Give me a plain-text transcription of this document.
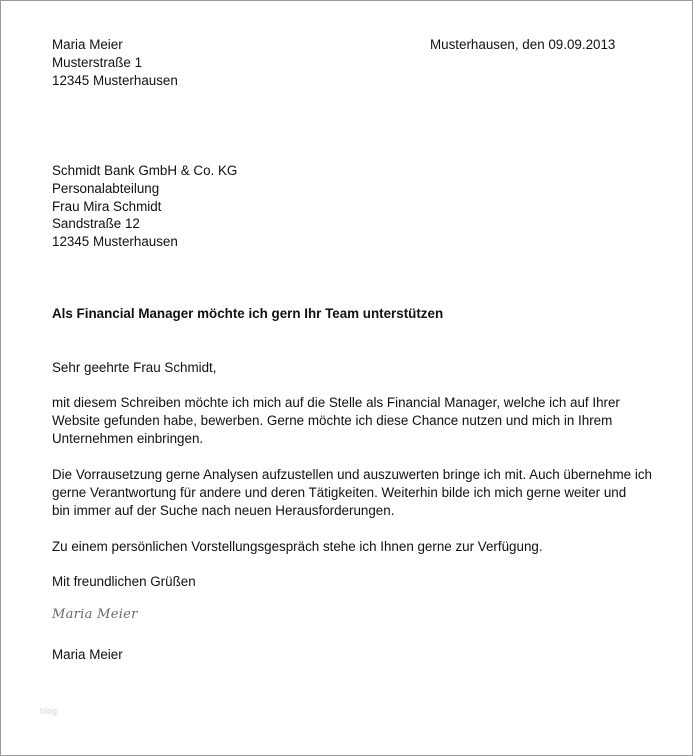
Maria Meier
Musterstraße 1
12345 Musterhausen
Musterhausen, den 09.09.2013
Schmidt Bank GmbH & Co. KG
Personalabteilung
Frau Mira Schmidt
Sandstraße 12
12345 Musterhausen
Als Financial Manager möchte ich gern Ihr Team unterstützen
Sehr geehrte Frau Schmidt,
mit diesem Schreiben möchte ich mich auf die Stelle als Financial Manager, welche ich auf Ihrer
Website gefunden habe, bewerben. Gerne möchte ich diese Chance nutzen und mich in Ihrem
Unternehmen einbringen.
Die Vorrausetzung gerne Analysen aufzustellen und auszuwerten bringe ich mit. Auch übernehme ich
gerne Verantwortung für andere und deren Tätigkeiten. Weiterhin bilde ich mich gerne weiter und
bin immer auf der Suche nach neuen Herausforderungen.
Zu einem persönlichen Vorstellungsgespräch stehe ich Ihnen gerne zur Verfügung.
Mit freundlichen Grüßen
Maria Meier
Maria Meier
blog
